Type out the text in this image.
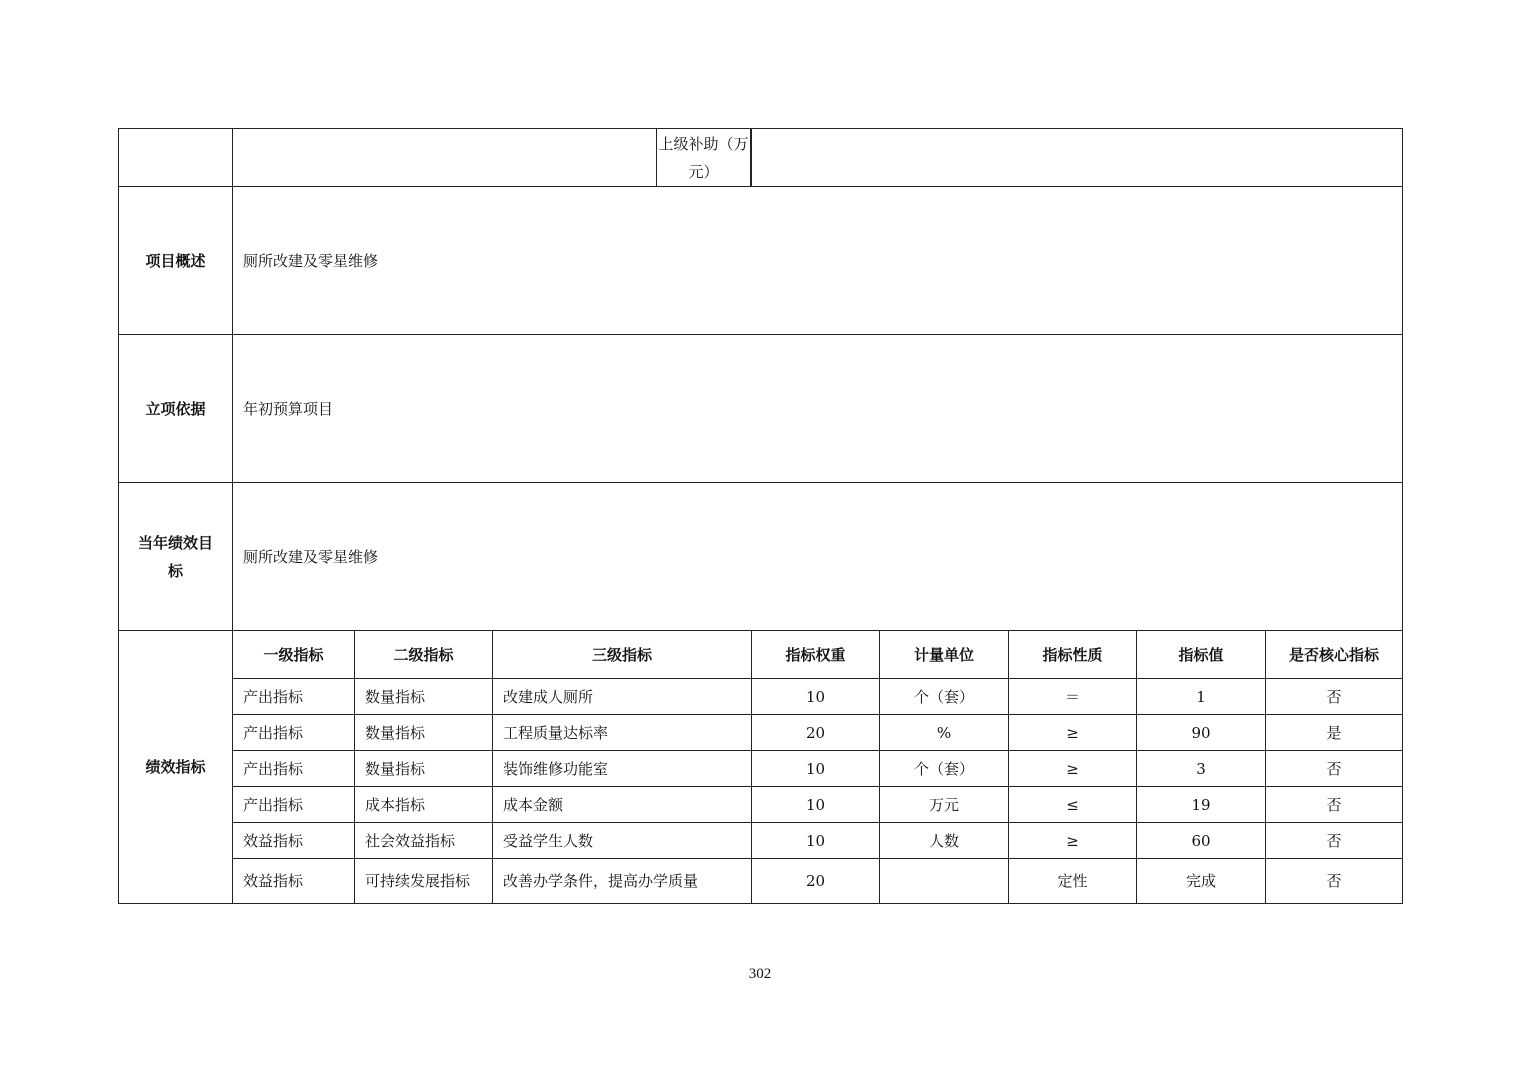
上级补助（万元）							

项目概述	厕所改建及零星维修							
立项依据	年初预算项目							
当年绩效目标	厕所改建及零星维修							
绩效指标	一级指标	二级指标	三级指标	指标权重	计量单位	指标性质	指标值	是否核心指标
	产出指标	数量指标	改建成人厕所	10	个（套）	＝	1	否
	产出指标	数量指标	工程质量达标率	20	%	≥	90	是
	产出指标	数量指标	装饰维修功能室	10	个（套）	≥	3	否
	产出指标	成本指标	成本金额	10	万元	≤	19	否
	效益指标	社会效益指标	受益学生人数	10	人数	≥	60	否
	效益指标	可持续发展指标	改善办学条件，提高办学质量	20		定性	完成	否
302
